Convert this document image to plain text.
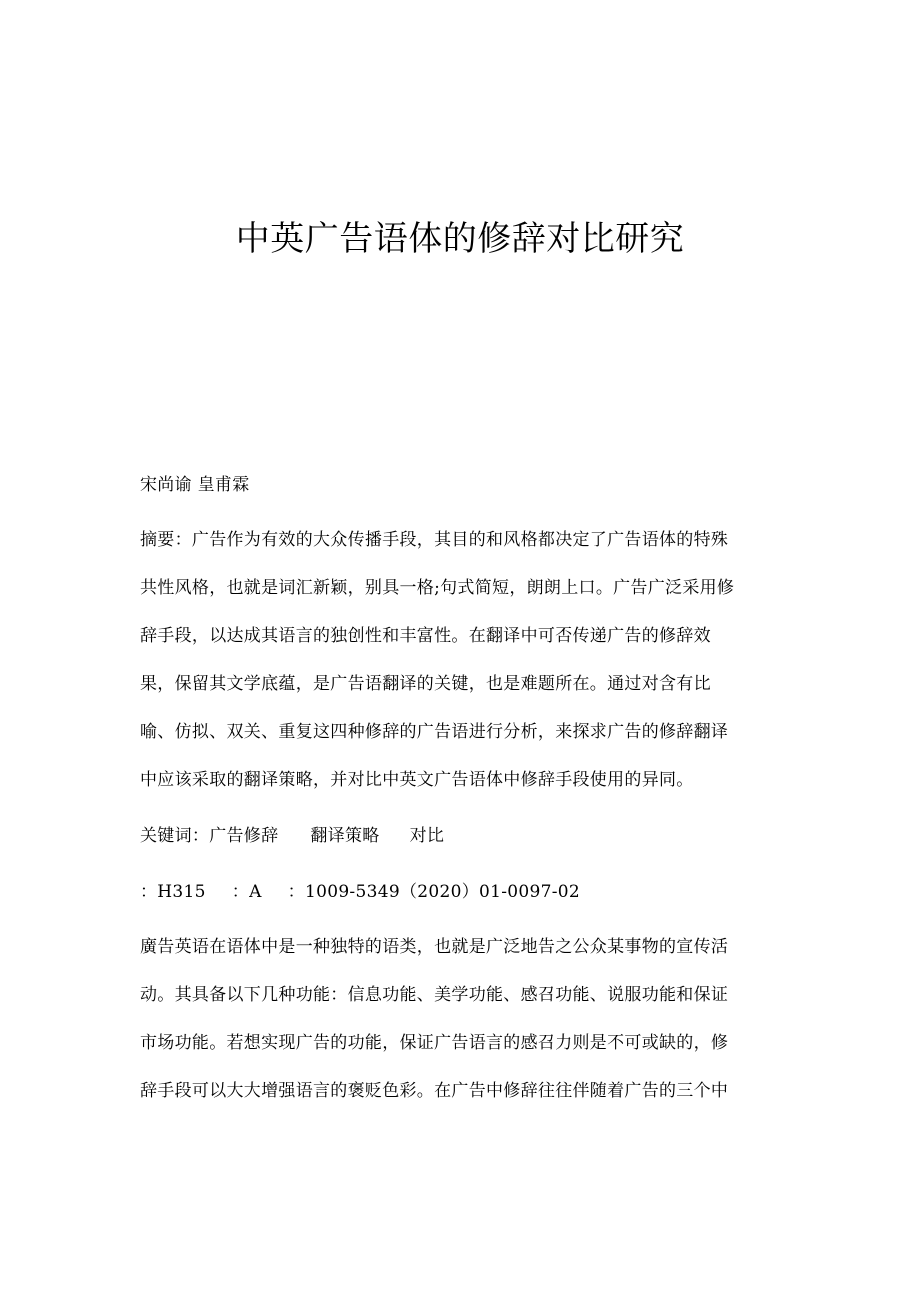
中英广告语体的修辞对比研究
宋尚谕 皇甫霖
摘要：广告作为有效的大众传播手段，其目的和风格都决定了广告语体的特殊
共性风格，也就是词汇新颖，别具一格;句式简短，朗朗上口。广告广泛采用修
辞手段，以达成其语言的独创性和丰富性。在翻译中可否传递广告的修辞效
果，保留其文学底蕴，是广告语翻译的关键，也是难题所在。通过对含有比
喻、仿拟、双关、重复这四种修辞的广告语进行分析，来探求广告的修辞翻译
中应该采取的翻译策略，并对比中英文广告语体中修辞手段使用的异同。
关键词：广告修辞 翻译策略 对比
：H315 ：A ：1009-5349（2020）01-0097-02
廣告英语在语体中是一种独特的语类，也就是广泛地告之公众某事物的宣传活
动。其具备以下几种功能：信息功能、美学功能、感召功能、说服功能和保证
市场功能。若想实现广告的功能，保证广告语言的感召力则是不可或缺的，修
辞手段可以大大增强语言的褒贬色彩。在广告中修辞往往伴随着广告的三个中
